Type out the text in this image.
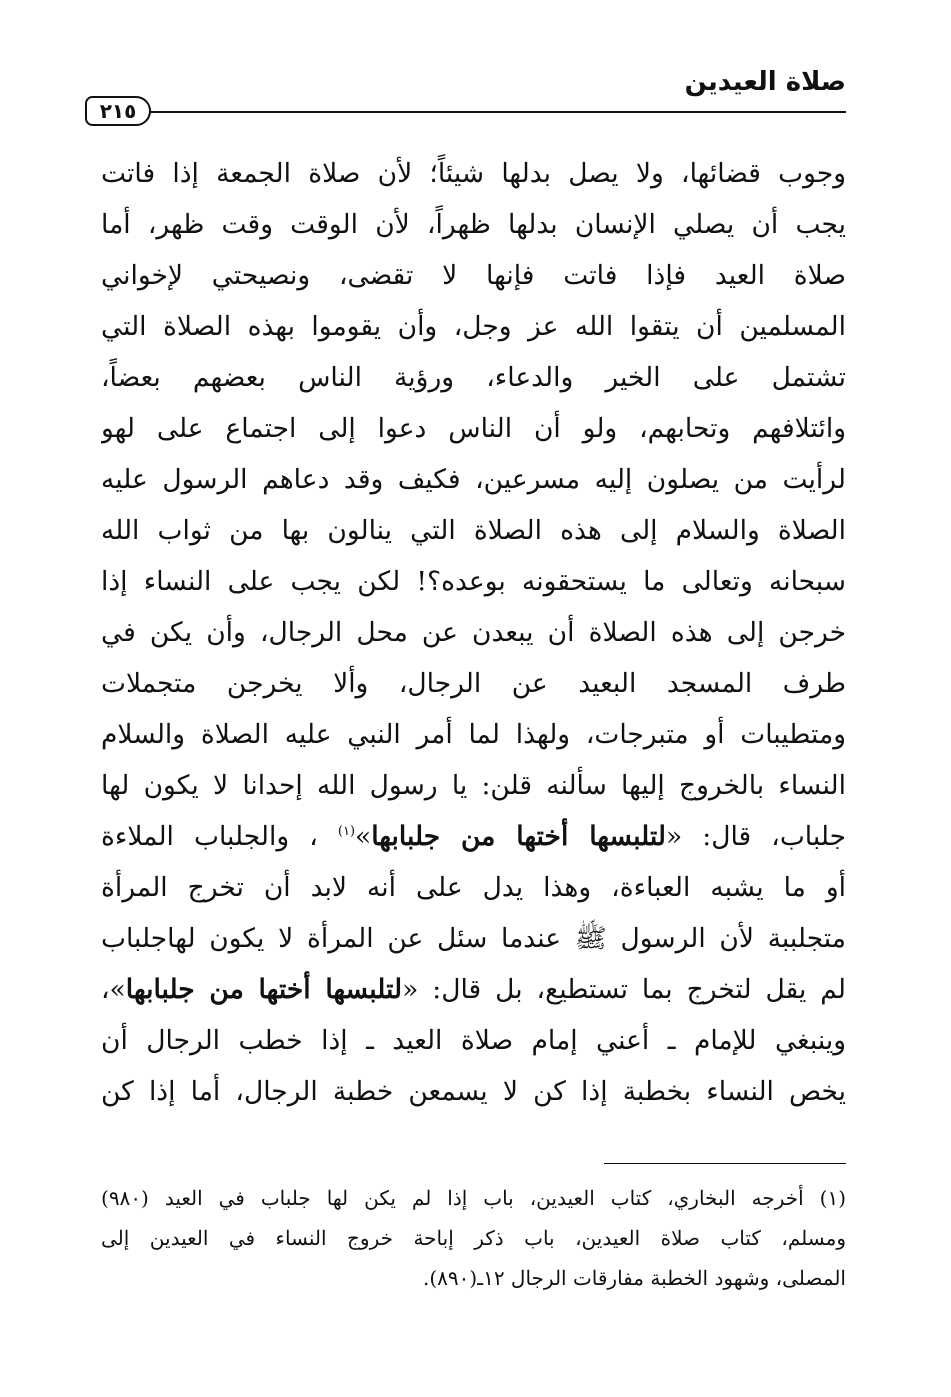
صلاة العيدين
٢١٥
وجوب قضائها، ولا يصل بدلها شيئاً؛ لأن صلاة الجمعة إذا فاتت
يجب أن يصلي الإنسان بدلها ظهراً، لأن الوقت وقت ظهر، أما
صلاة العيد فإذا فاتت فإنها لا تقضى، ونصيحتي لإخواني
المسلمين أن يتقوا الله عز وجل، وأن يقوموا بهذه الصلاة التي
تشتمل على الخير والدعاء، ورؤية الناس بعضهم بعضاً،
وائتلافهم وتحابهم، ولو أن الناس دعوا إلى اجتماع على لهو
لرأيت من يصلون إليه مسرعين، فكيف وقد دعاهم الرسول عليه
الصلاة والسلام إلى هذه الصلاة التي ينالون بها من ثواب الله
سبحانه وتعالى ما يستحقونه بوعده؟! لكن يجب على النساء إذا
خرجن إلى هذه الصلاة أن يبعدن عن محل الرجال، وأن يكن في
طرف المسجد البعيد عن الرجال، وألا يخرجن متجملات
ومتطيبات أو متبرجات، ولهذا لما أمر النبي عليه الصلاة والسلام
النساء بالخروج إليها سألنه قلن: يا رسول الله إحدانا لا يكون لها
جلباب، قال: «لتلبسها أختها من جلبابها»$^{(١)}$ ، والجلباب الملاءة
أو ما يشبه العباءة، وهذا يدل على أنه لابد أن تخرج المرأة
متجلببة لأن الرسول ﷺ عندما سئل عن المرأة لا يكون لهاجلباب
لم يقل لتخرج بما تستطيع، بل قال: «لتلبسها أختها من جلبابها»،
وينبغي للإمام ـ أعني إمام صلاة العيد ـ إذا خطب الرجال أن
يخص النساء بخطبة إذا كن لا يسمعن خطبة الرجال، أما إذا كن
(١) أخرجه البخاري، كتاب العيدين، باب إذا لم يكن لها جلباب في العيد (٩٨٠)
ومسلم، كتاب صلاة العيدين، باب ذكر إباحة خروج النساء في العيدين إلى
المصلى، وشهود الخطبة مفارقات الرجال ١٢ـ(٨٩٠).
